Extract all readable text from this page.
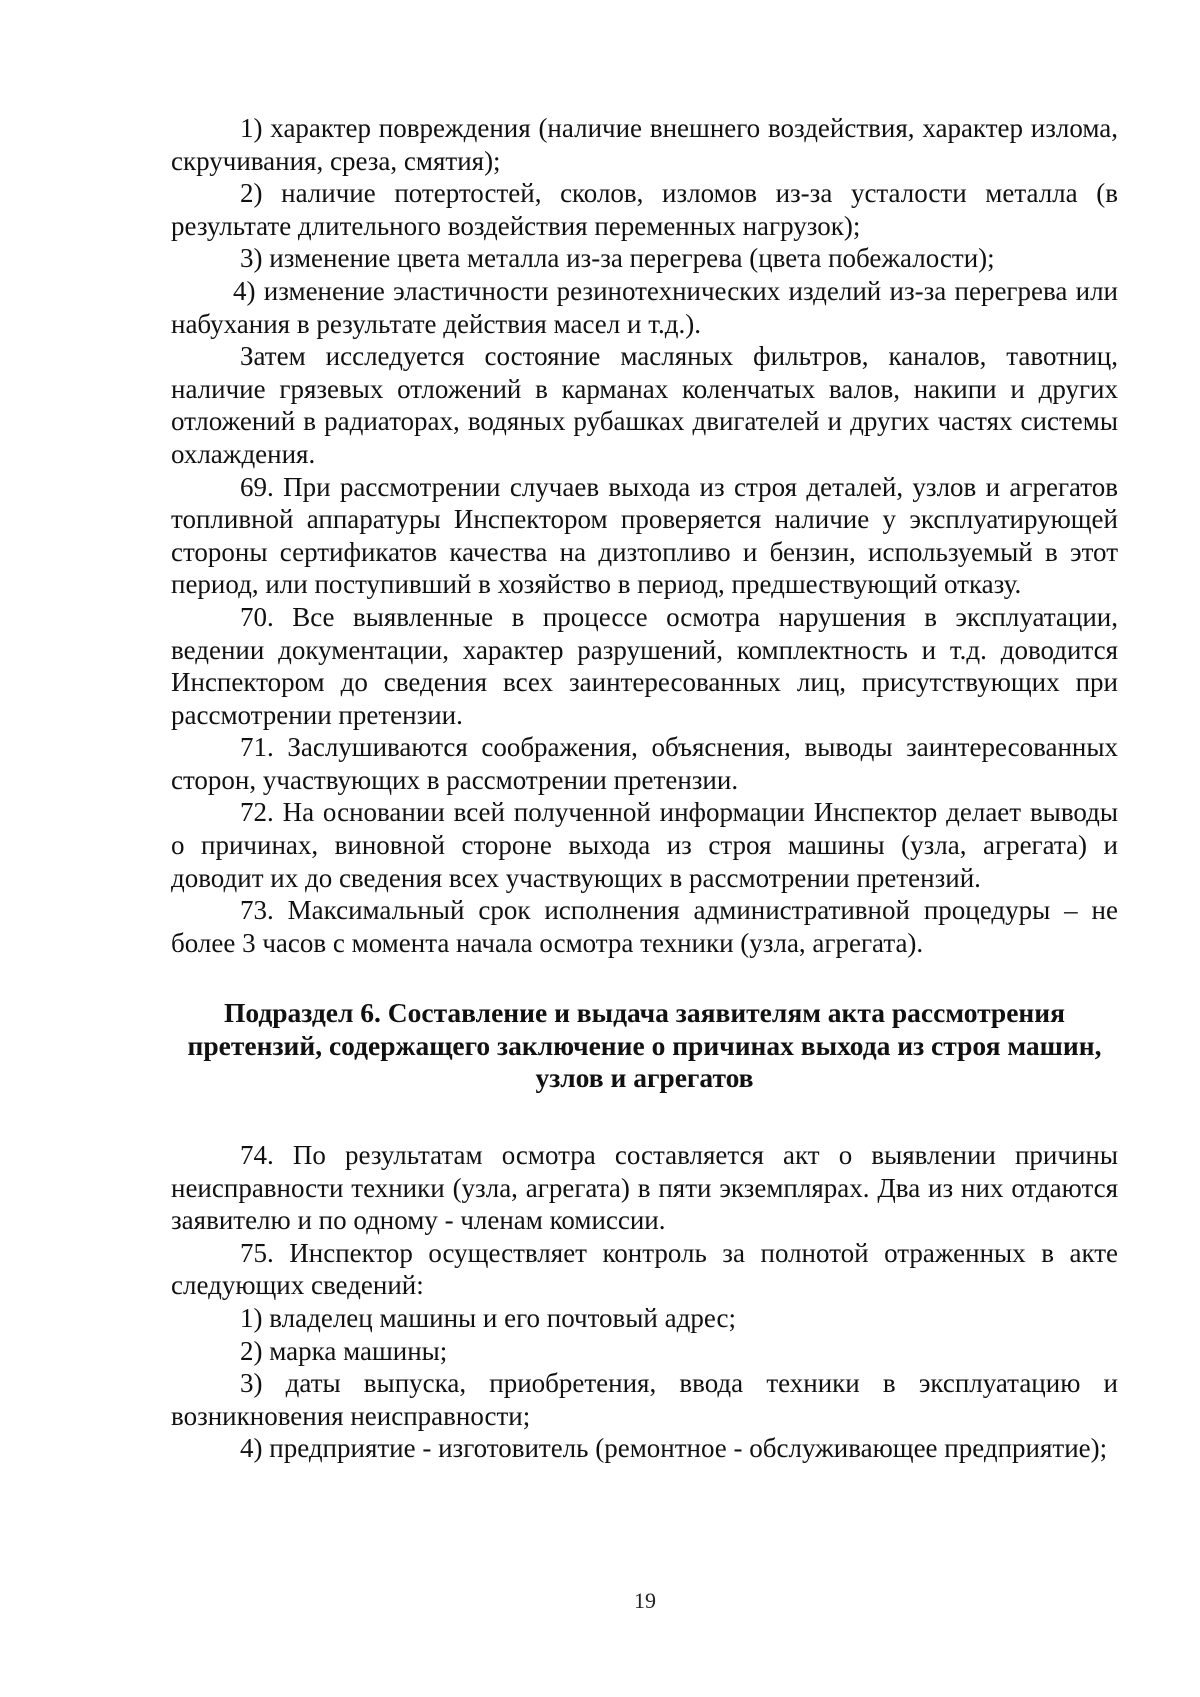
1) характер повреждения (наличие внешнего воздействия, характер излома, скручивания, среза, смятия);

2) наличие потертостей, сколов, изломов из-за усталости металла (в результате длительного воздействия переменных нагрузок);

3) изменение цвета металла из-за перегрева (цвета побежалости);

4) изменение эластичности резинотехнических изделий из-за перегрева или набухания в результате действия масел и т.д.).

Затем исследуется состояние масляных фильтров, каналов, тавотниц, наличие грязевых отложений в карманах коленчатых валов, накипи и других отложений в радиаторах, водяных рубашках двигателей и других частях системы охлаждения.

69. При рассмотрении случаев выхода из строя деталей, узлов и агрегатов топливной аппаратуры Инспектором проверяется наличие у эксплуатирующей стороны сертификатов качества на дизтопливо и бензин, используемый в этот период, или поступивший в хозяйство в период, предшествующий отказу.

70. Все выявленные в процессе осмотра нарушения в эксплуатации, ведении документации, характер разрушений, комплектность и т.д. доводится Инспектором до сведения всех заинтересованных лиц, присутствующих при рассмотрении претензии.

71. Заслушиваются соображения, объяснения, выводы заинтересованных сторон, участвующих в рассмотрении претензии.

72. На основании всей полученной информации Инспектор делает выводы о причинах, виновной стороне выхода из строя машины (узла, агрегата) и доводит их до сведения всех участвующих в рассмотрении претензий.

73. Максимальный срок исполнения административной процедуры – не более 3 часов с момента начала осмотра техники (узла, агрегата).

Подраздел 6. Составление и выдача заявителям акта рассмотрения претензий, содержащего заключение о причинах выхода из строя машин, узлов и агрегатов

74. По результатам осмотра составляется акт о выявлении причины неисправности техники (узла, агрегата) в пяти экземплярах. Два из них отдаются заявителю и по одному - членам комиссии.

75. Инспектор осуществляет контроль за полнотой отраженных в акте следующих сведений:

1) владелец машины и его почтовый адрес;

2) марка машины;

3) даты выпуска, приобретения, ввода техники в эксплуатацию и возникновения неисправности;

4) предприятие - изготовитель (ремонтное - обслуживающее предприятие);

19
